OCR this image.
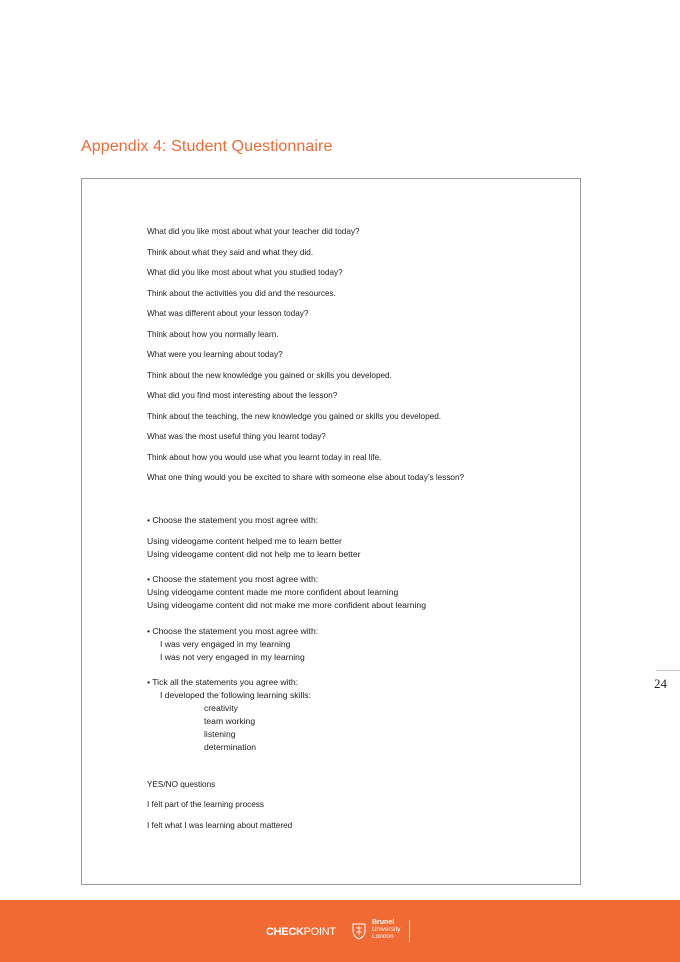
Appendix 4: Student Questionnaire
What did you like most about what your teacher did today?
Think about what they said and what they did.
What did you like most about what you studied today?
Think about the activities you did and the resources.
What was different about your lesson today?
Think about how you normally learn.
What were you learning about today?
Think about the new knowledge you gained or skills you developed.
What did you find most interesting about the lesson?
Think about the teaching, the new knowledge you gained or skills you developed.
What was the most useful thing you learnt today?
Think about how you would use what you learnt today in real life.
What one thing would you be excited to share with someone else about today’s lesson?
• Choose the statement you most agree with:
Using videogame content helped me to learn better
Using videogame content did not help me to learn better
• Choose the statement you most agree with:
Using videogame content made me more confident about learning
Using videogame content did not make me more confident about learning
• Choose the statement you most agree with:
I was very engaged in my learning
I was not very engaged in my learning
• Tick all the statements you agree with:
I developed the following learning skills:
creativity
team working
listening
determination
YES/NO questions
I felt part of the learning process
I felt what I was learning about mattered
24
CHECKPOINT
Brunel
University
London
